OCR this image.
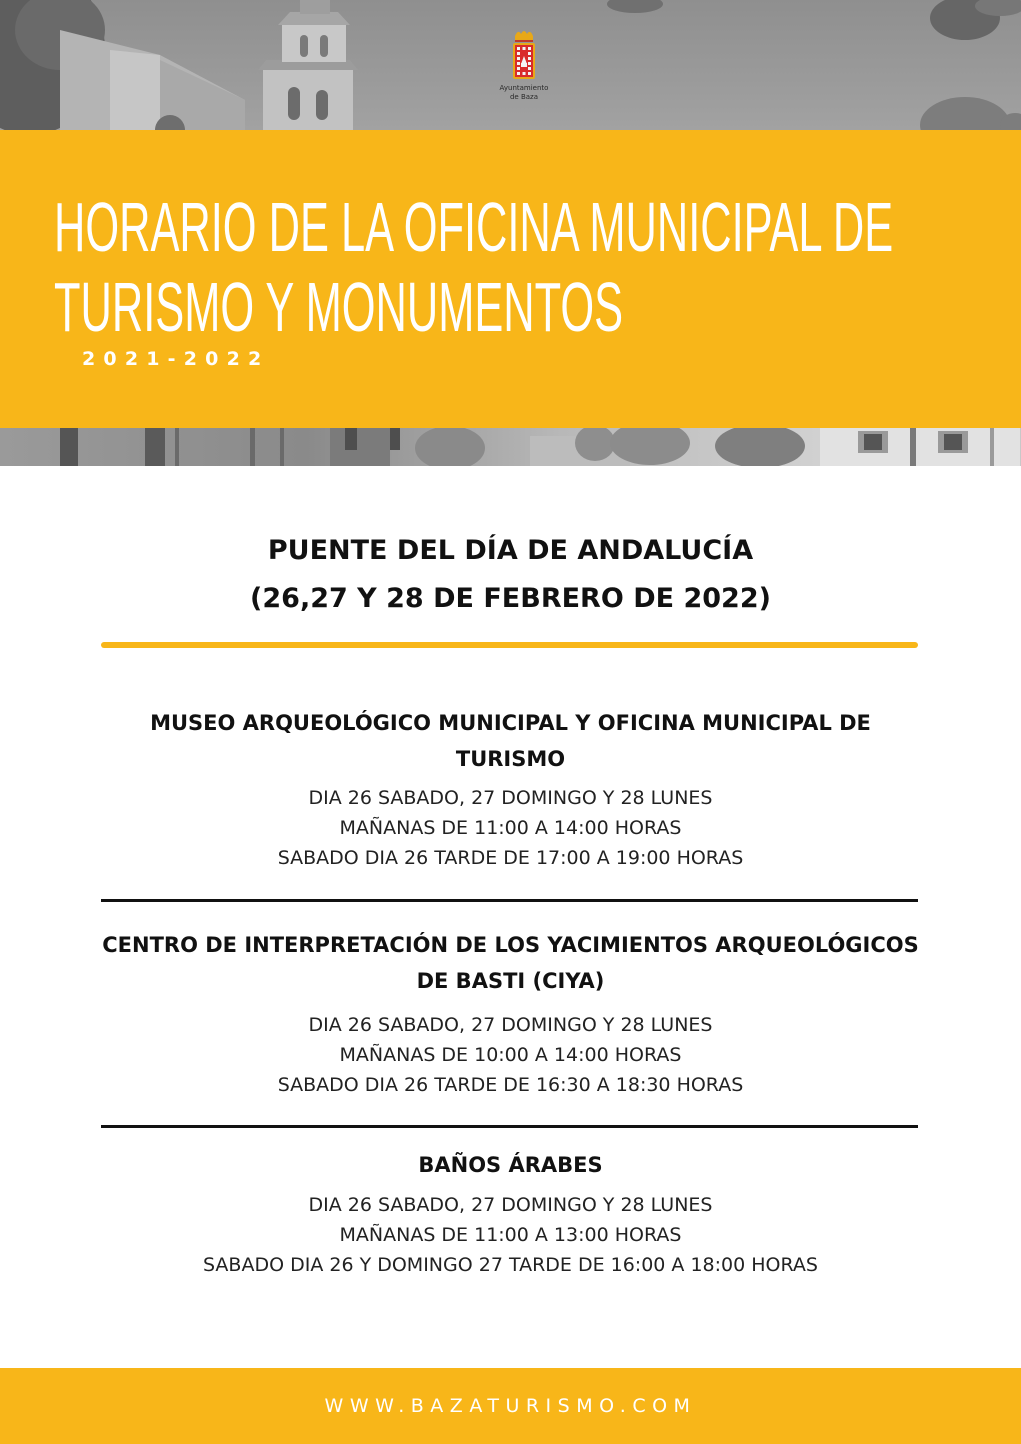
Ayuntamiento
de Baza
HORARIO DE LA OFICINA MUNICIPAL DE
TURISMO Y MONUMENTOS
2021-2022
PUENTE DEL DÍA DE ANDALUCÍA
(26,27 Y 28 DE FEBRERO DE 2022)
MUSEO ARQUEOLÓGICO MUNICIPAL Y OFICINA MUNICIPAL DE
TURISMO
DIA 26 SABADO, 27 DOMINGO Y 28 LUNES
MAÑANAS DE 11:00 A 14:00 HORAS
SABADO DIA 26 TARDE DE 17:00 A 19:00 HORAS
CENTRO DE INTERPRETACIÓN DE LOS YACIMIENTOS ARQUEOLÓGICOS
DE BASTI (CIYA)
DIA 26 SABADO, 27 DOMINGO Y 28 LUNES
MAÑANAS DE 10:00 A 14:00 HORAS
SABADO DIA 26 TARDE DE 16:30 A 18:30 HORAS
BAÑOS ÁRABES
DIA 26 SABADO, 27 DOMINGO Y 28 LUNES
MAÑANAS DE 11:00 A 13:00 HORAS
SABADO DIA 26 Y DOMINGO 27 TARDE DE 16:00 A 18:00 HORAS
WWW.BAZATURISMO.COM
